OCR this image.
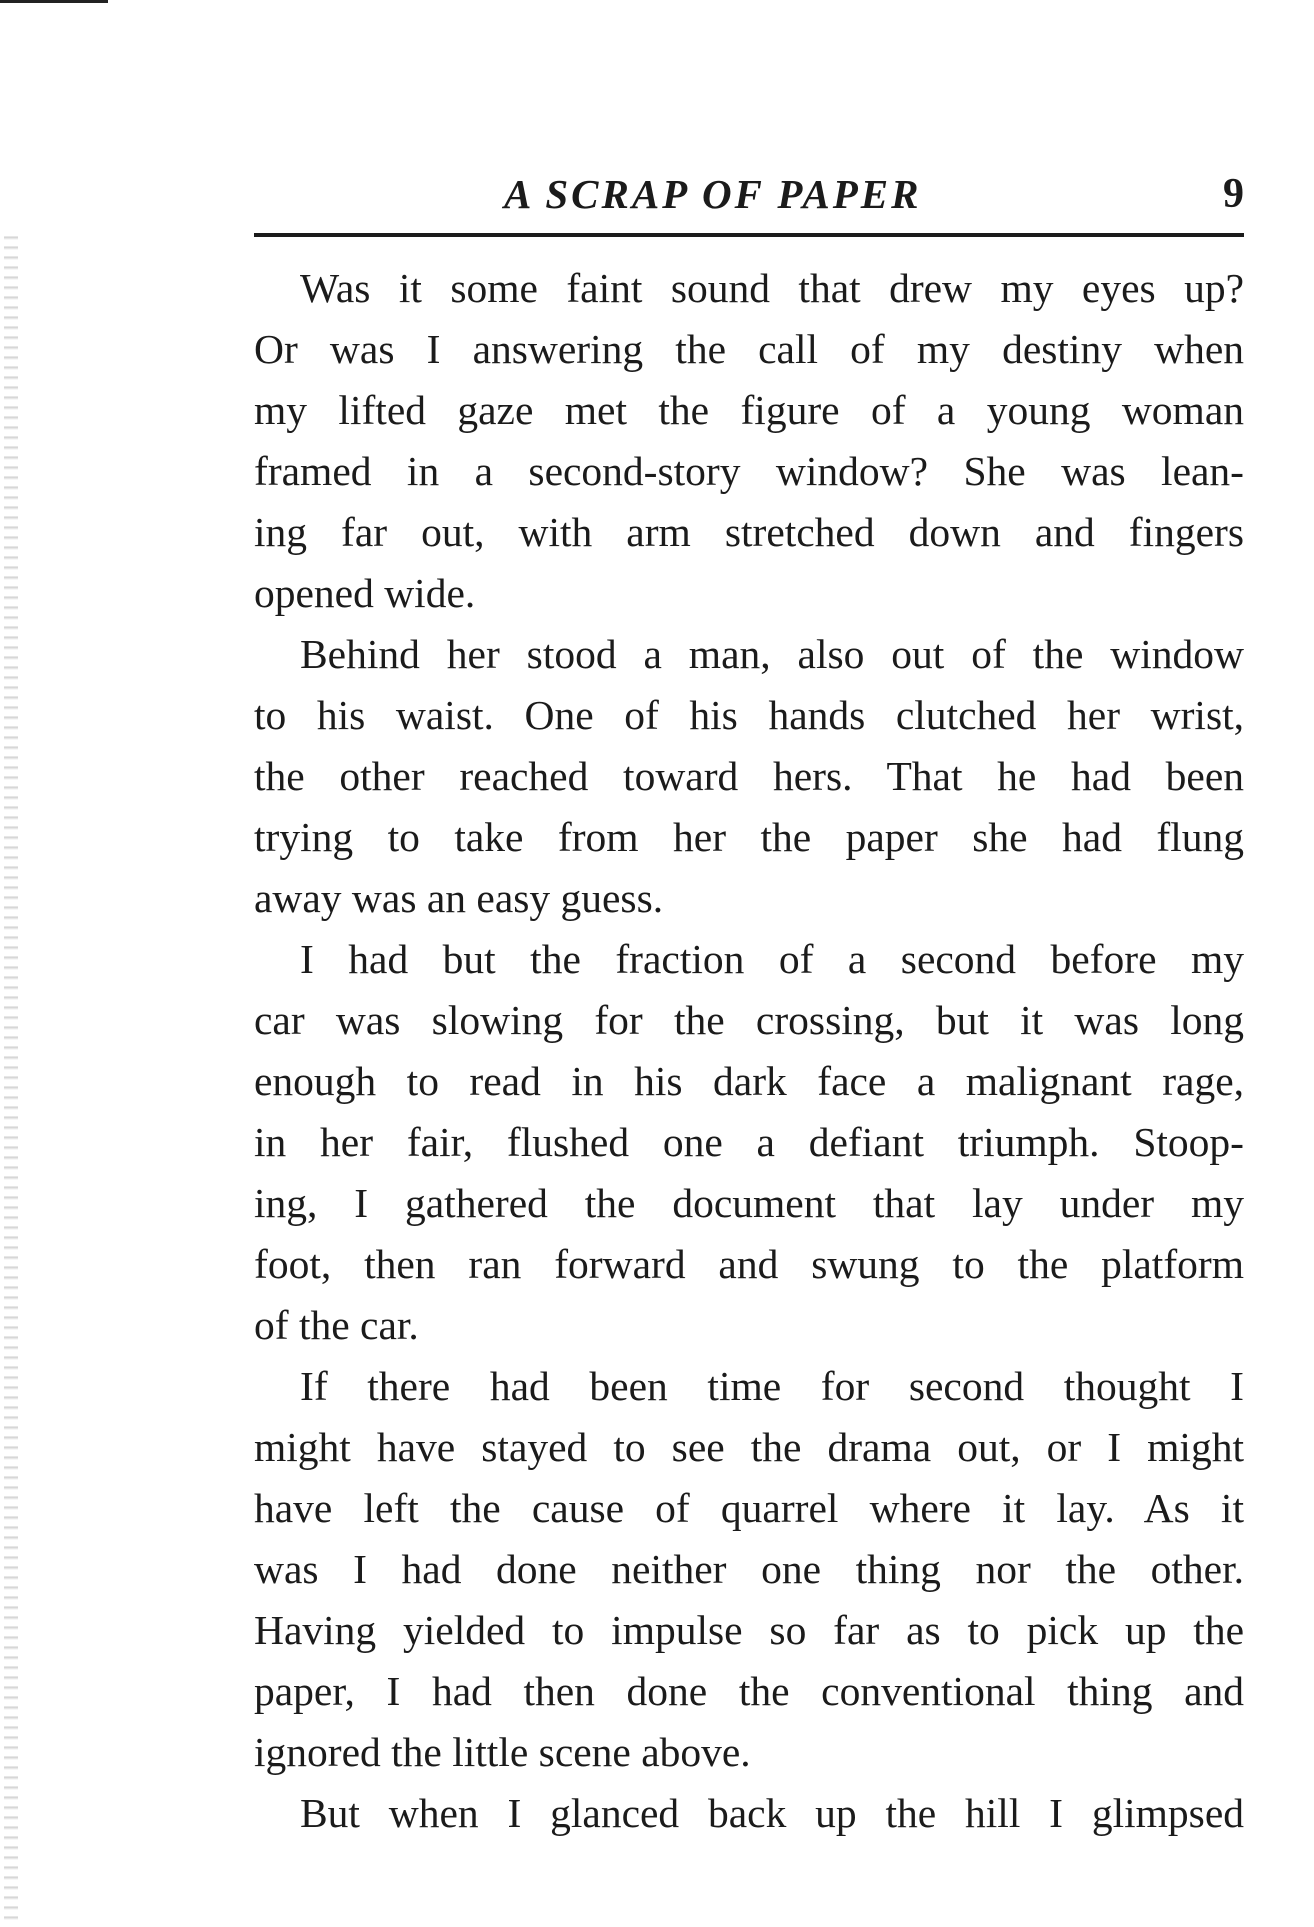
A SCRAP OF PAPER	9

Was it some faint sound that drew my eyes up?
Or was I answering the call of my destiny when
my lifted gaze met the figure of a young woman
framed in a second-story window? She was lean-
ing far out, with arm stretched down and fingers
opened wide.

Behind her stood a man, also out of the window
to his waist. One of his hands clutched her wrist,
the other reached toward hers. That he had been
trying to take from her the paper she had flung
away was an easy guess.

I had but the fraction of a second before my
car was slowing for the crossing, but it was long
enough to read in his dark face a malignant rage,
in her fair, flushed one a defiant triumph. Stoop-
ing, I gathered the document that lay under my
foot, then ran forward and swung to the platform
of the car.

If there had been time for second thought I
might have stayed to see the drama out, or I might
have left the cause of quarrel where it lay. As it
was I had done neither one thing nor the other.
Having yielded to impulse so far as to pick up the
paper, I had then done the conventional thing and
ignored the little scene above.

But when I glanced back up the hill I glimpsed
